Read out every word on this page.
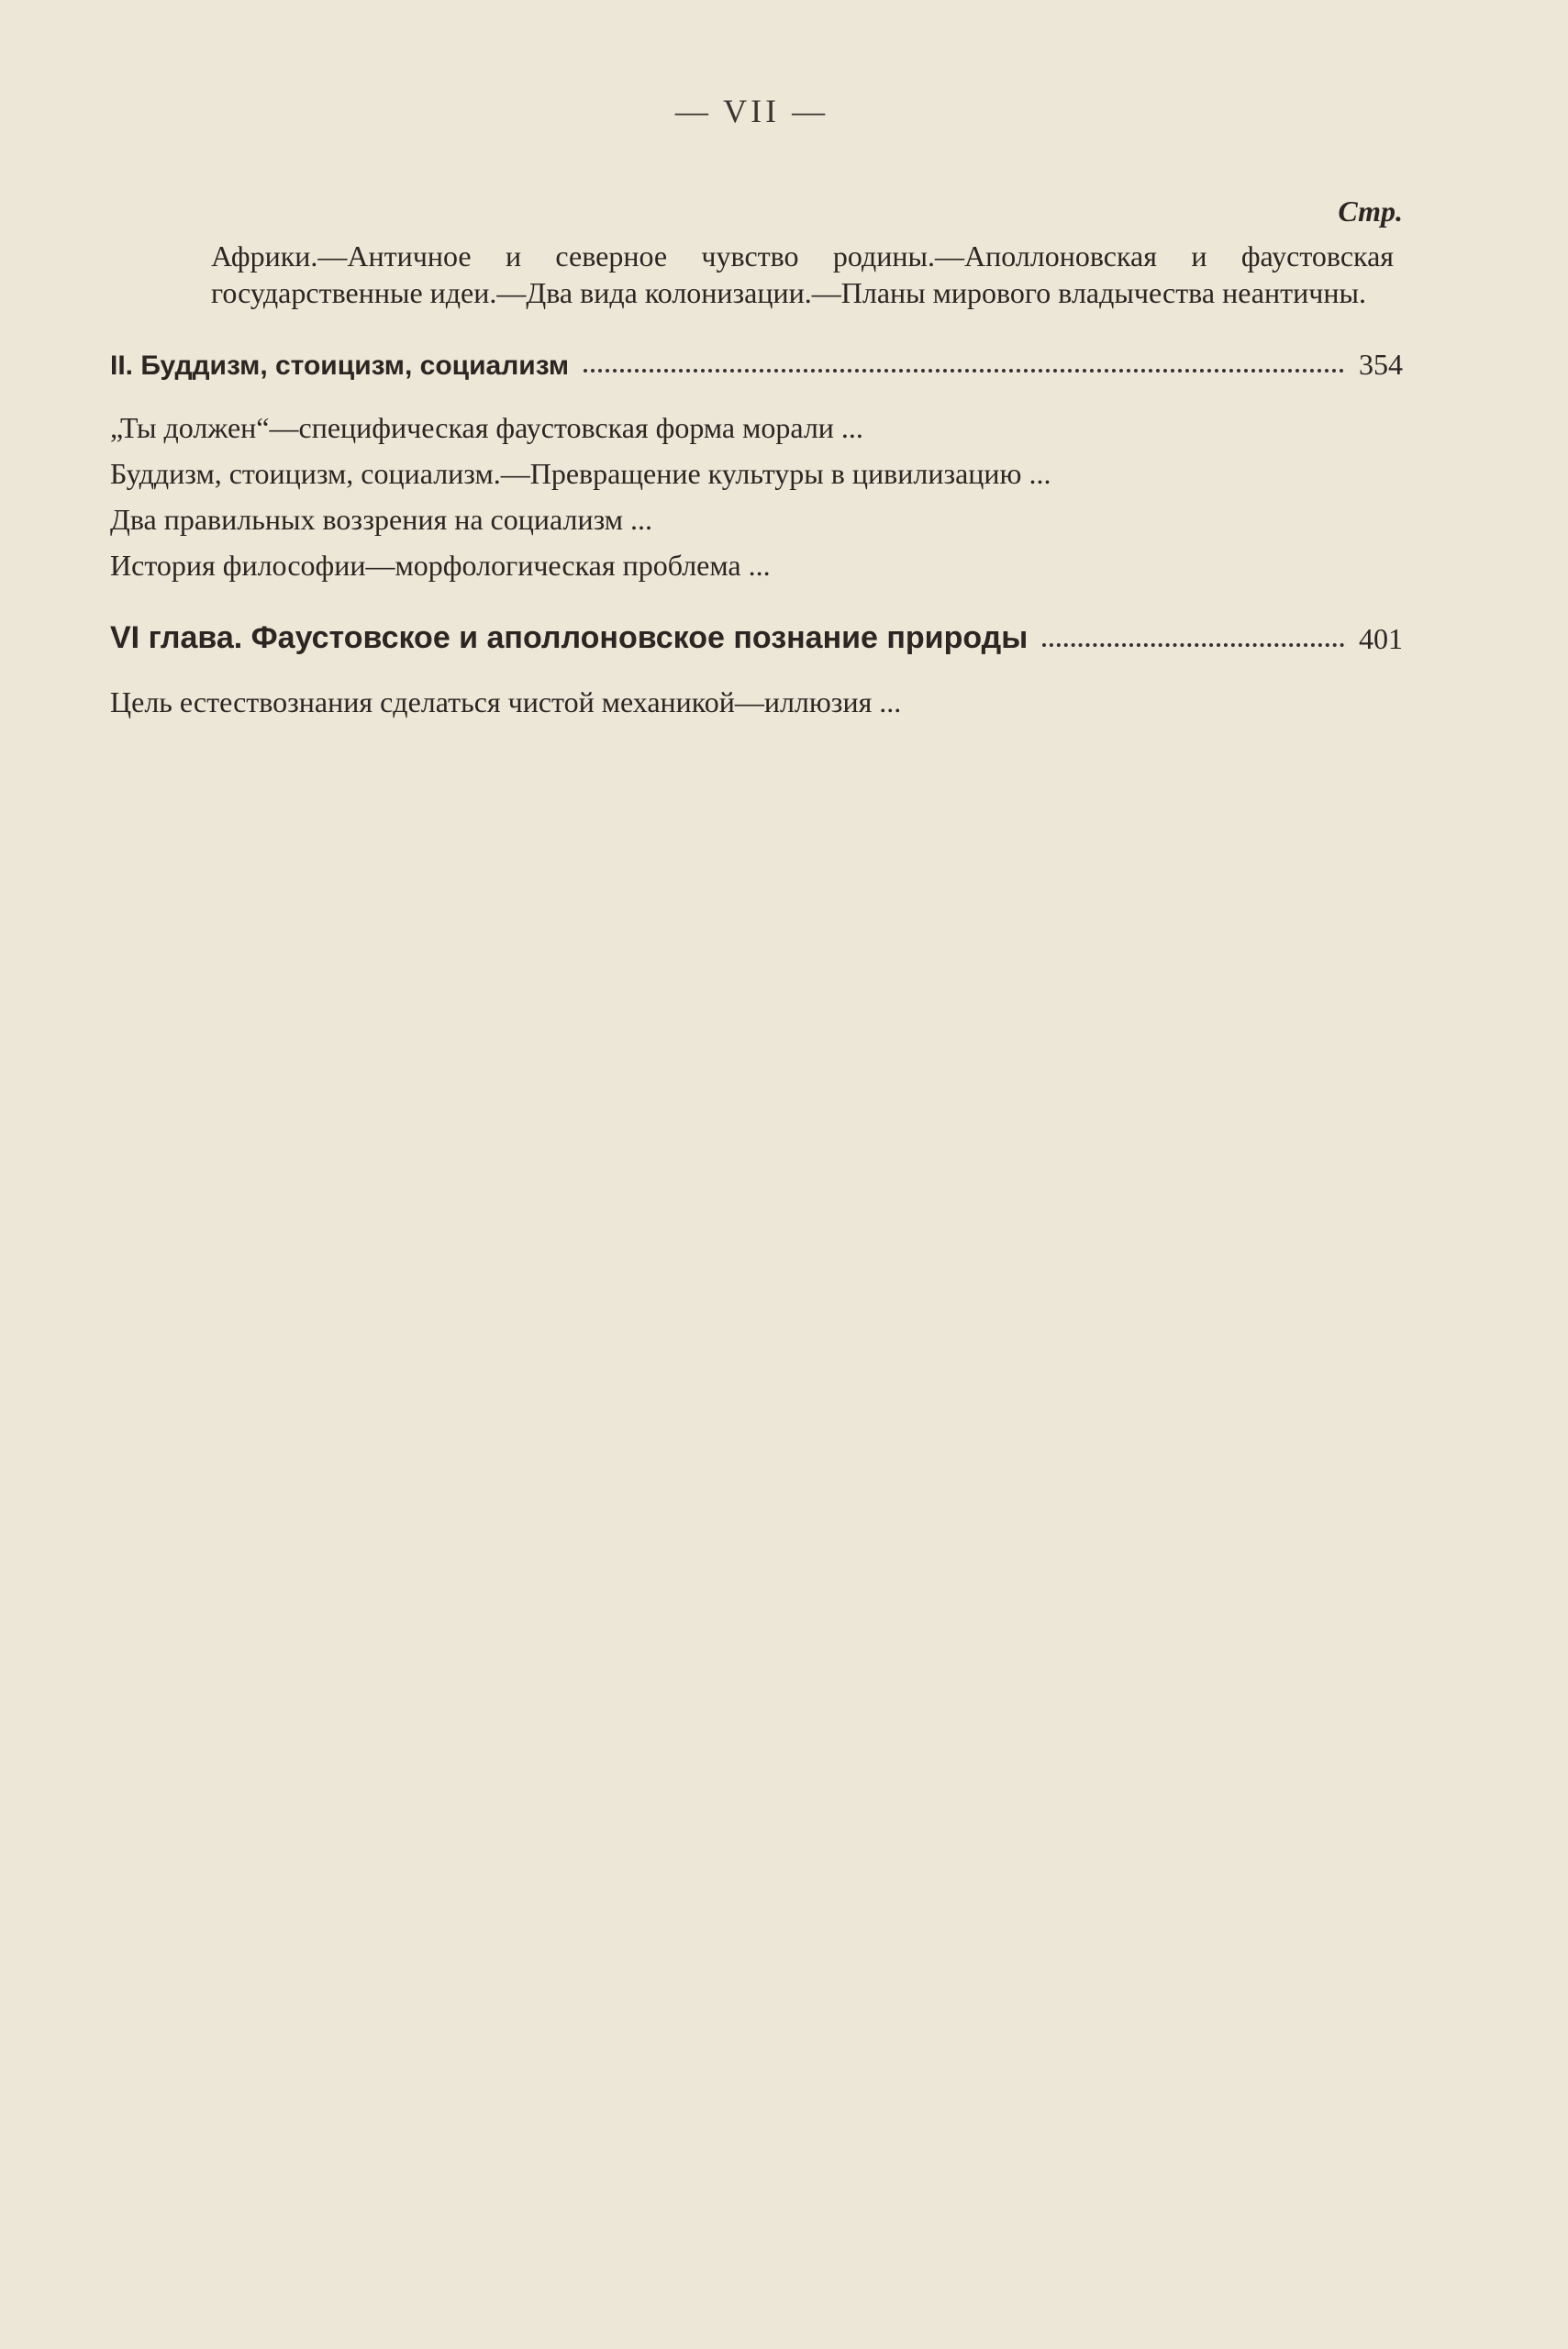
— VII —
Стр.
Африки.—Античное и северное чувство родины.—Аполлоновская и фаустовская государственные идеи.—Два вида колонизации.—Планы мирового владычества неантичны.
II. Буддизм, стоицизм, социализм	354
„Ты должен“—специфическая фаустовская форма морали ...
Буддизм, стоицизм, социализм.—Превращение культуры в цивилизацию ...
Два правильных воззрения на социализм ...
История философии—морфологическая проблема ...
VI глава. Фаустовское и аполлоновское познание природы	401
Цель естествознания сделаться чистой механикой—иллюзия ...
